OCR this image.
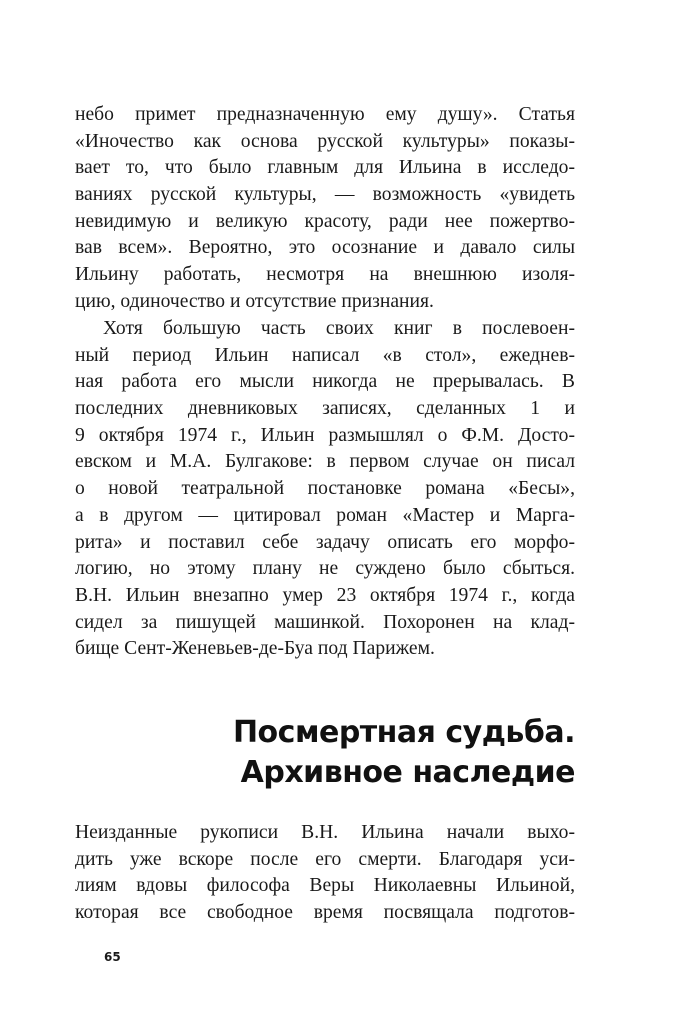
небо примет предназначенную ему душу». Статья
«Иночество как основа русской культуры» показы-
вает то, что было главным для Ильина в исследо-
ваниях русской культуры, — возможность «увидеть
невидимую и великую красоту, ради нее пожертво-
вав всем». Вероятно, это осознание и давало силы
Ильину работать, несмотря на внешнюю изоля-
цию, одиночество и отсутствие признания.
Хотя большую часть своих книг в послевоен-
ный период Ильин написал «в стол», ежеднев-
ная работа его мысли никогда не прерывалась. В
последних дневниковых записях, сделанных 1 и
9 октября 1974 г., Ильин размышлял о Ф.М. Досто-
евском и М.А. Булгакове: в первом случае он писал
о новой театральной постановке романа «Бесы»,
а в другом — цитировал роман «Мастер и Марга-
рита» и поставил себе задачу описать его морфо-
логию, но этому плану не суждено было сбыться.
В.Н. Ильин внезапно умер 23 октября 1974 г., когда
сидел за пишущей машинкой. Похоронен на клад-
бище Сент-Женевьев-де-Буа под Парижем.
Посмертная судьба.
Архивное наследие
Неизданные рукописи В.Н. Ильина начали выхо-
дить уже вскоре после его смерти. Благодаря уси-
лиям вдовы философа Веры Николаевны Ильиной,
которая все свободное время посвящала подготов-
65
